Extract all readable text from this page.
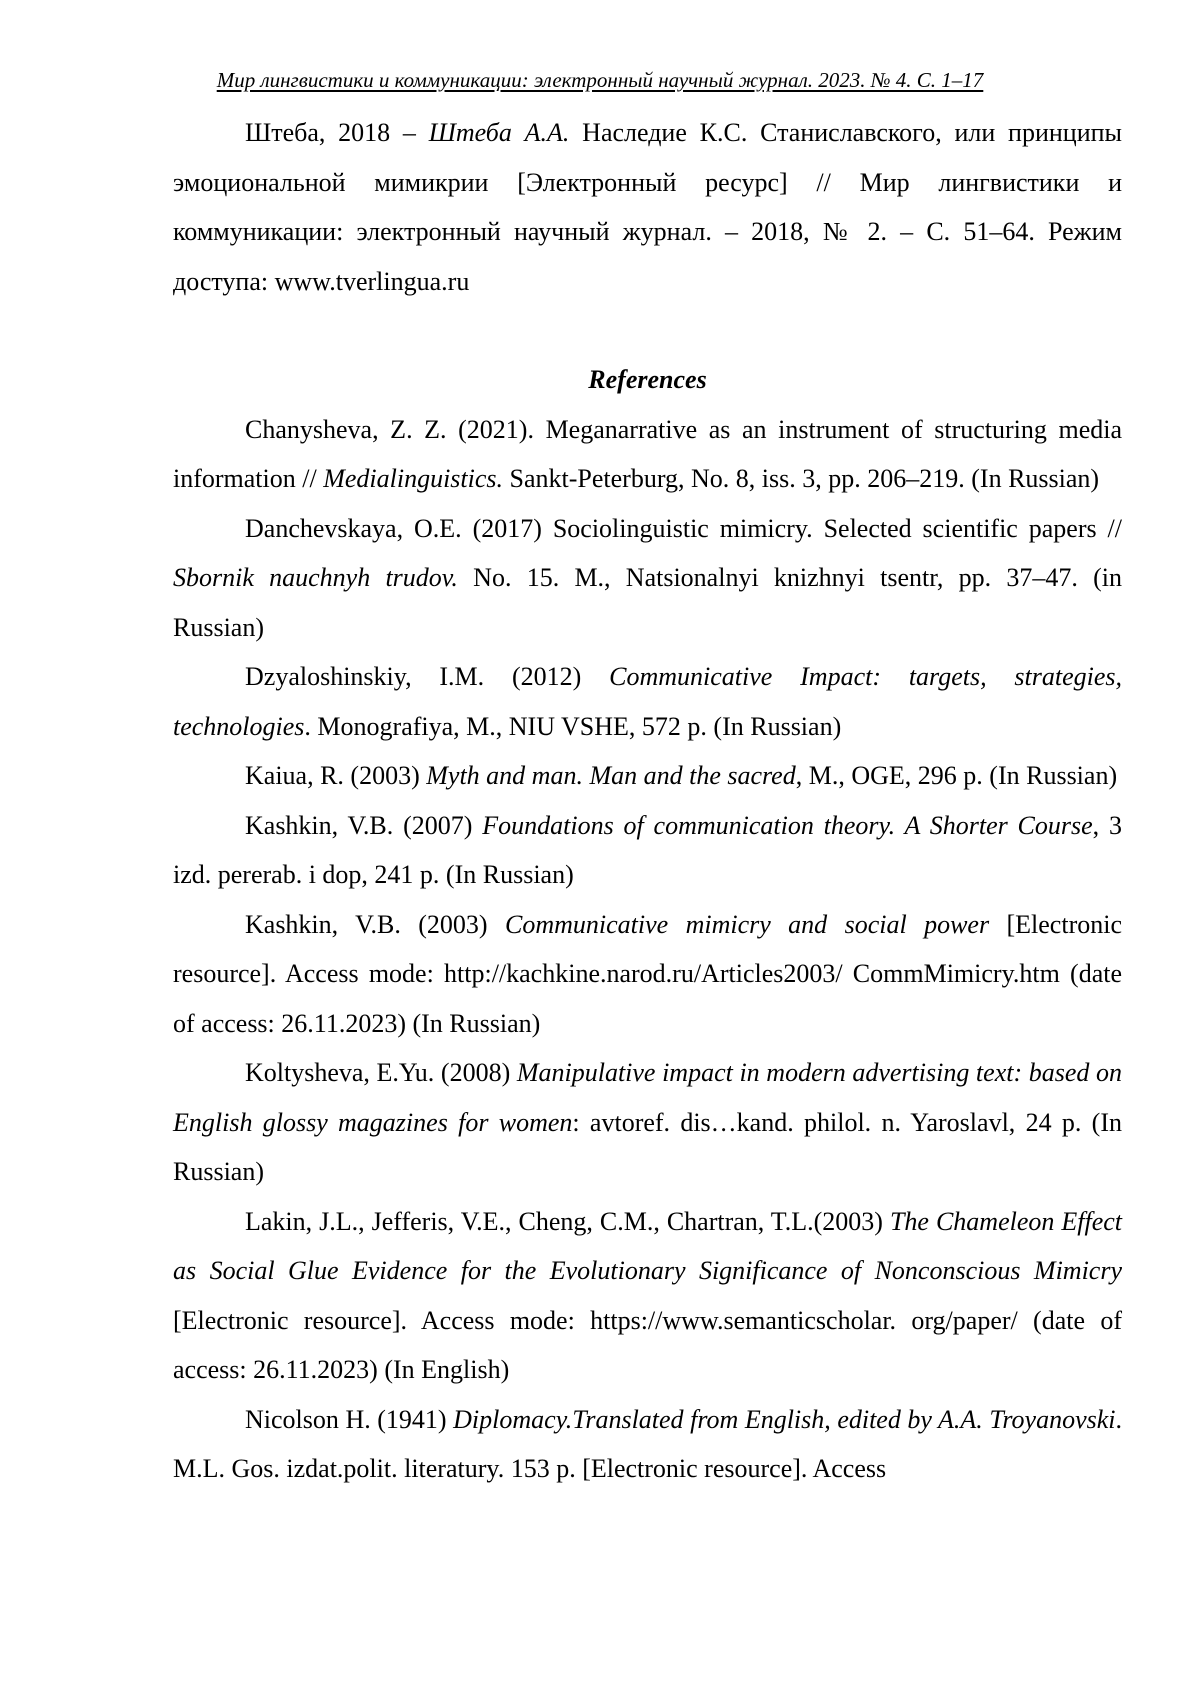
Мир лингвистики и коммуникации: электронный научный журнал. 2023. № 4. С. 1–17

Штеба, 2018 – Штеба А.А. Наследие К.С. Станиславского, или принципы эмоциональной мимикрии [Электронный ресурс] // Мир лингвистики и коммуникации: электронный научный журнал. – 2018, № 2. – С. 51–64. Режим доступа: www.tverlingua.ru

References

Chanysheva, Z. Z. (2021). Meganarrative as an instrument of structuring media information // Medialinguistics. Sankt-Peterburg, No. 8, iss. 3, pp. 206–219. (In Russian)

Danchevskaya, O.E. (2017) Sociolinguistic mimicry. Selected scientific papers // Sbornik nauchnyh trudov. No. 15. M., Natsionalnyi knizhnyi tsentr, pp. 37–47. (in Russian)

Dzyaloshinskiy, I.M. (2012) Communicative Impact: targets, strategies, technologies. Monografiya, M., NIU VSHE, 572 p. (In Russian)

Kaiua, R. (2003) Myth and man. Man and the sacred, M., OGE, 296 p. (In Russian)

Kashkin, V.B. (2007) Foundations of communication theory. A Shorter Course, 3 izd. pererab. i dop, 241 p. (In Russian)

Kashkin, V.B. (2003) Communicative mimicry and social power [Electronic resource]. Access mode: http://kachkine.narod.ru/Articles2003/ CommMimicry.htm (date of access: 26.11.2023) (In Russian)

Koltysheva, E.Yu. (2008) Manipulative impact in modern advertising text: based on English glossy magazines for women: avtoref. dis…kand. philol. n. Yaroslavl, 24 p. (In Russian)

Lakin, J.L., Jefferis, V.E., Cheng, C.M., Chartran, T.L.(2003) The Chameleon Effect as Social Glue Evidence for the Evolutionary Significance of Nonconscious Mimicry [Electronic resource]. Access mode: https://www.semanticscholar. org/paper/ (date of access: 26.11.2023) (In English)

Nicolson H. (1941) Diplomacy.Translated from English, edited by A.A. Troyanovski. M.L. Gos. izdat.polit. literatury. 153 p. [Electronic resource]. Access
